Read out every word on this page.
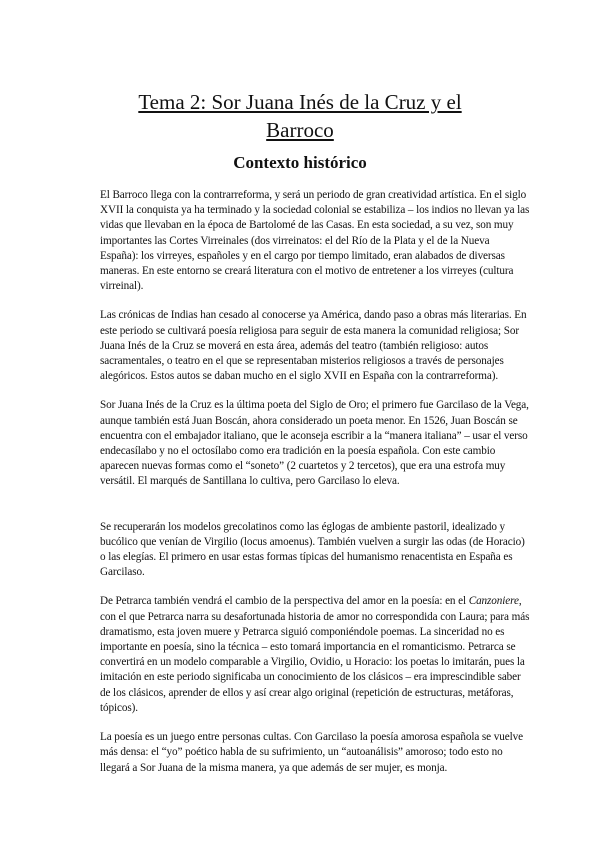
Tema 2: Sor Juana Inés de la Cruz y el
Barroco
Contexto histórico

El Barroco llega con la contrarreforma, y será un periodo de gran creatividad artística. En el siglo XVII la conquista ya ha terminado y la sociedad colonial se estabiliza – los indios no llevan ya las vidas que llevaban en la época de Bartolomé de las Casas. En esta sociedad, a su vez, son muy importantes las Cortes Virreinales (dos virreinatos: el del Río de la Plata y el de la Nueva España): los virreyes, españoles y en el cargo por tiempo limitado, eran alabados de diversas maneras. En este entorno se creará literatura con el motivo de entretener a los virreyes (cultura virreinal).

Las crónicas de Indias han cesado al conocerse ya América, dando paso a obras más literarias. En este periodo se cultivará poesía religiosa para seguir de esta manera la comunidad religiosa; Sor Juana Inés de la Cruz se moverá en esta área, además del teatro (también religioso: autos sacramentales, o teatro en el que se representaban misterios religiosos a través de personajes alegóricos. Estos autos se daban mucho en el siglo XVII en España con la contrarreforma).

Sor Juana Inés de la Cruz es la última poeta del Siglo de Oro; el primero fue Garcilaso de la Vega, aunque también está Juan Boscán, ahora considerado un poeta menor. En 1526, Juan Boscán se encuentra con el embajador italiano, que le aconseja escribir a la “manera italiana” – usar el verso endecasílabo y no el octosílabo como era tradición en la poesía española. Con este cambio aparecen nuevas formas como el “soneto” (2 cuartetos y 2 tercetos), que era una estrofa muy versátil. El marqués de Santillana lo cultiva, pero Garcilaso lo eleva.

Se recuperarán los modelos grecolatinos como las églogas de ambiente pastoril, idealizado y bucólico que venían de Virgilio (locus amoenus). También vuelven a surgir las odas (de Horacio) o las elegías. El primero en usar estas formas típicas del humanismo renacentista en España es Garcilaso.

De Petrarca también vendrá el cambio de la perspectiva del amor en la poesía: en el Canzoniere, con el que Petrarca narra su desafortunada historia de amor no correspondida con Laura; para más dramatismo, esta joven muere y Petrarca siguió componiéndole poemas. La sinceridad no es importante en poesía, sino la técnica – esto tomará importancia en el romanticismo. Petrarca se convertirá en un modelo comparable a Virgilio, Ovidio, u Horacio: los poetas lo imitarán, pues la imitación en este periodo significaba un conocimiento de los clásicos – era imprescindible saber de los clásicos, aprender de ellos y así crear algo original (repetición de estructuras, metáforas, tópicos).

La poesía es un juego entre personas cultas. Con Garcilaso la poesía amorosa española se vuelve más densa: el “yo” poético habla de su sufrimiento, un “autoanálisis” amoroso; todo esto no llegará a Sor Juana de la misma manera, ya que además de ser mujer, es monja.
